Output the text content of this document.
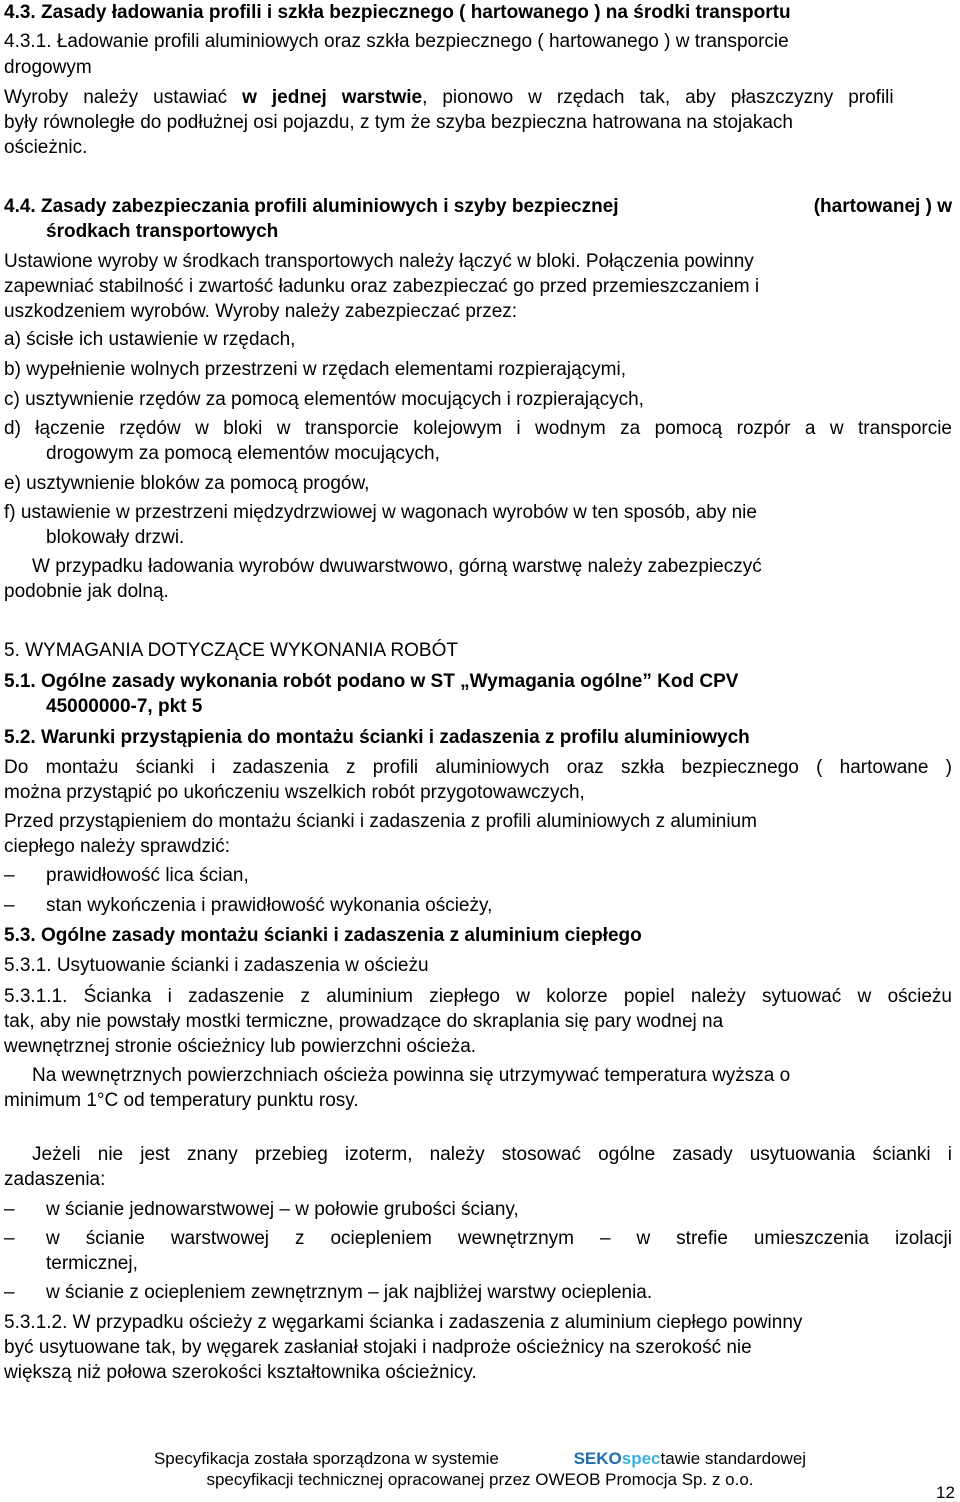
4.3. Zasady ładowania profili i szkła bezpiecznego ( hartowanego ) na środki transportu
4.3.1. Ładowanie profili aluminiowych oraz szkła bezpiecznego ( hartowanego ) w transporcie
drogowym
Wyroby należy ustawiać w jednej warstwie, pionowo w rzędach tak, aby płaszczyzny profili
były równoległe do podłużnej osi pojazdu, z tym że szyba bezpieczna hatrowana na stojakach
ościeżnic.
4.4. Zasady zabezpieczania profili aluminiowych i szyby bezpiecznej	(hartowanej ) w
środkach transportowych
Ustawione wyroby w środkach transportowych należy łączyć w bloki. Połączenia powinny
zapewniać stabilność i zwartość ładunku oraz zabezpieczać go przed przemieszczaniem i
uszkodzeniem wyrobów. Wyroby należy zabezpieczać przez:
a) ścisłe ich ustawienie w rzędach,
b) wypełnienie wolnych przestrzeni w rzędach elementami rozpierającymi,
c) usztywnienie rzędów za pomocą elementów mocujących i rozpierających,
d) łączenie rzędów w bloki w transporcie kolejowym i wodnym za pomocą rozpór a w transporcie
drogowym za pomocą elementów mocujących,
e) usztywnienie bloków za pomocą progów,
f) ustawienie w przestrzeni międzydrzwiowej w wagonach wyrobów w ten sposób, aby nie
blokowały drzwi.
W przypadku ładowania wyrobów dwuwarstwowo, górną warstwę należy zabezpieczyć
podobnie jak dolną.
5. WYMAGANIA DOTYCZĄCE WYKONANIA ROBÓT
5.1. Ogólne zasady wykonania robót podano w ST „Wymagania ogólne” Kod CPV
45000000-7, pkt 5
5.2. Warunki przystąpienia do montażu ścianki i zadaszenia z profilu aluminiowych
Do montażu ścianki i zadaszenia z profili aluminiowych oraz szkła bezpiecznego ( hartowane )
można przystąpić po ukończeniu wszelkich robót przygotowawczych,
Przed przystąpieniem do montażu ścianki i zadaszenia z profili aluminiowych z aluminium
ciepłego należy sprawdzić:
– prawidłowość lica ścian,
– stan wykończenia i prawidłowość wykonania ościeży,
5.3. Ogólne zasady montażu ścianki i zadaszenia z aluminium ciepłego
5.3.1. Usytuowanie ścianki i zadaszenia w ościeżu
5.3.1.1. Ścianka i zadaszenie z aluminium ziepłego w kolorze popiel należy sytuować w ościeżu
tak, aby nie powstały mostki termiczne, prowadzące do skraplania się pary wodnej na
wewnętrznej stronie ościeżnicy lub powierzchni ościeża.
Na wewnętrznych powierzchniach ościeża powinna się utrzymywać temperatura wyższa o
minimum 1°C od temperatury punktu rosy.
Jeżeli nie jest znany przebieg izoterm, należy stosować ogólne zasady usytuowania ścianki i
zadaszenia:
– w ścianie jednowarstwowej – w połowie grubości ściany,
– w ścianie warstwowej z ociepleniem wewnętrznym – w strefie umieszczenia izolacji
termicznej,
– w ścianie z ociepleniem zewnętrznym – jak najbliżej warstwy ocieplenia.
5.3.1.2. W przypadku ościeży z węgarkami ścianka i zadaszenia z aluminium ciepłego powinny
być usytuowane tak, by węgarek zasłaniał stojaki i nadproże ościeżnicy na szerokość nie
większą niż połowa szerokości kształtownika ościeżnicy.
Specyfikacja została sporządzona w systemie	SEKOspectawie standardowej
specyfikacji technicznej opracowanej przez OWEOB Promocja Sp. z o.o.
12
